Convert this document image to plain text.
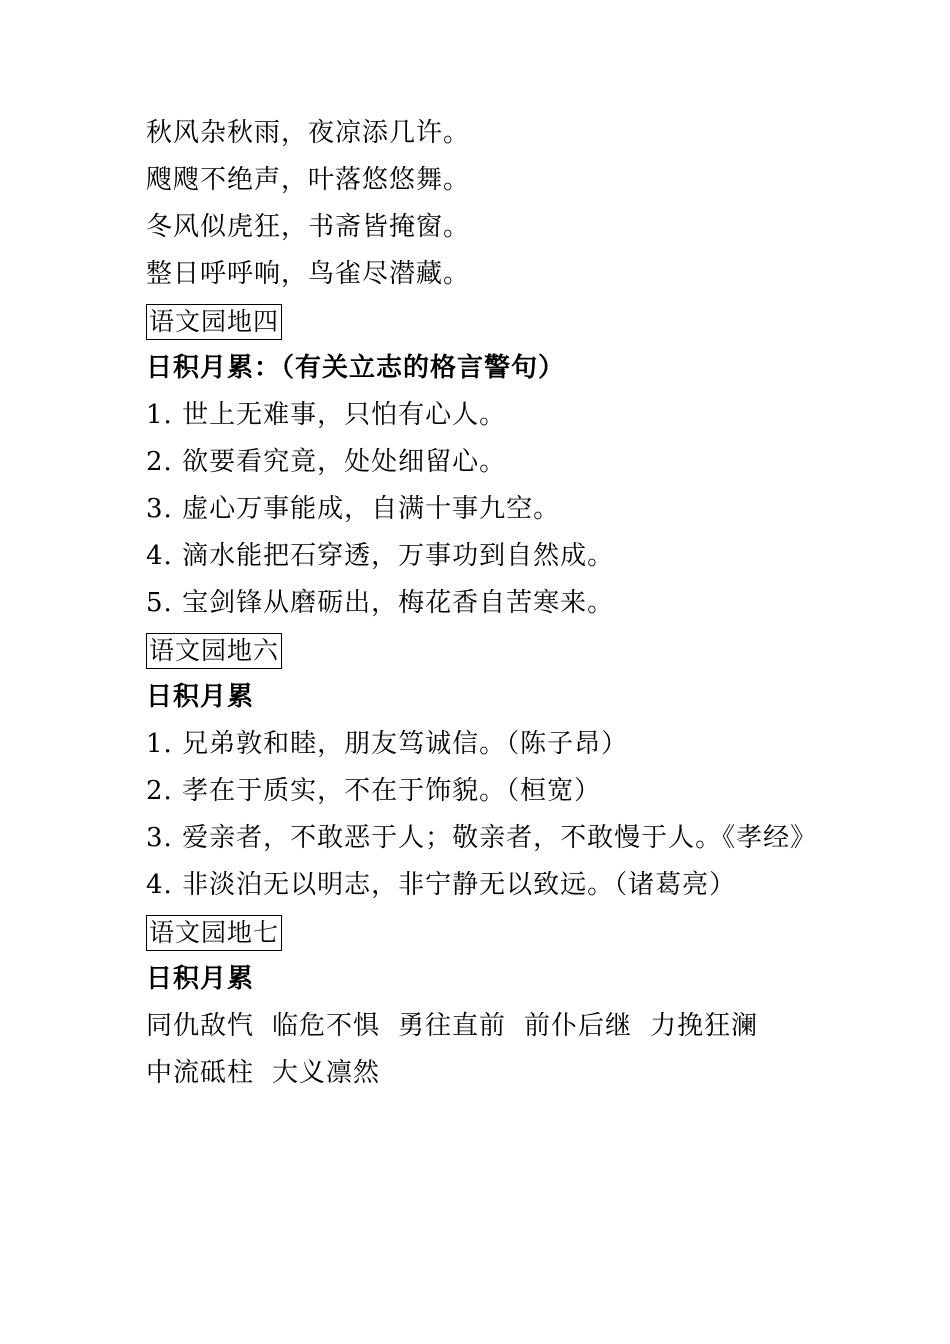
秋风杂秋雨，夜凉添几许。
飕飕不绝声，叶落悠悠舞。
冬风似虎狂，书斋皆掩窗。
整日呼呼响，鸟雀尽潜藏。
语文园地四
日积月累：（有关立志的格言警句）
1. 世上无难事，只怕有心人。
2. 欲要看究竟，处处细留心。
3. 虚心万事能成，自满十事九空。
4. 滴水能把石穿透，万事功到自然成。
5. 宝剑锋从磨砺出，梅花香自苦寒来。
语文园地六
日积月累
1. 兄弟敦和睦，朋友笃诚信。（陈子昂）
2. 孝在于质实，不在于饰貌。（桓宽）
3. 爱亲者，不敢恶于人；敬亲者，不敢慢于人。《孝经》
4. 非淡泊无以明志，非宁静无以致远。（诸葛亮）
语文园地七
日积月累
同仇敌忾 临危不惧 勇往直前 前仆后继 力挽狂澜中流砥柱 大义凛然
